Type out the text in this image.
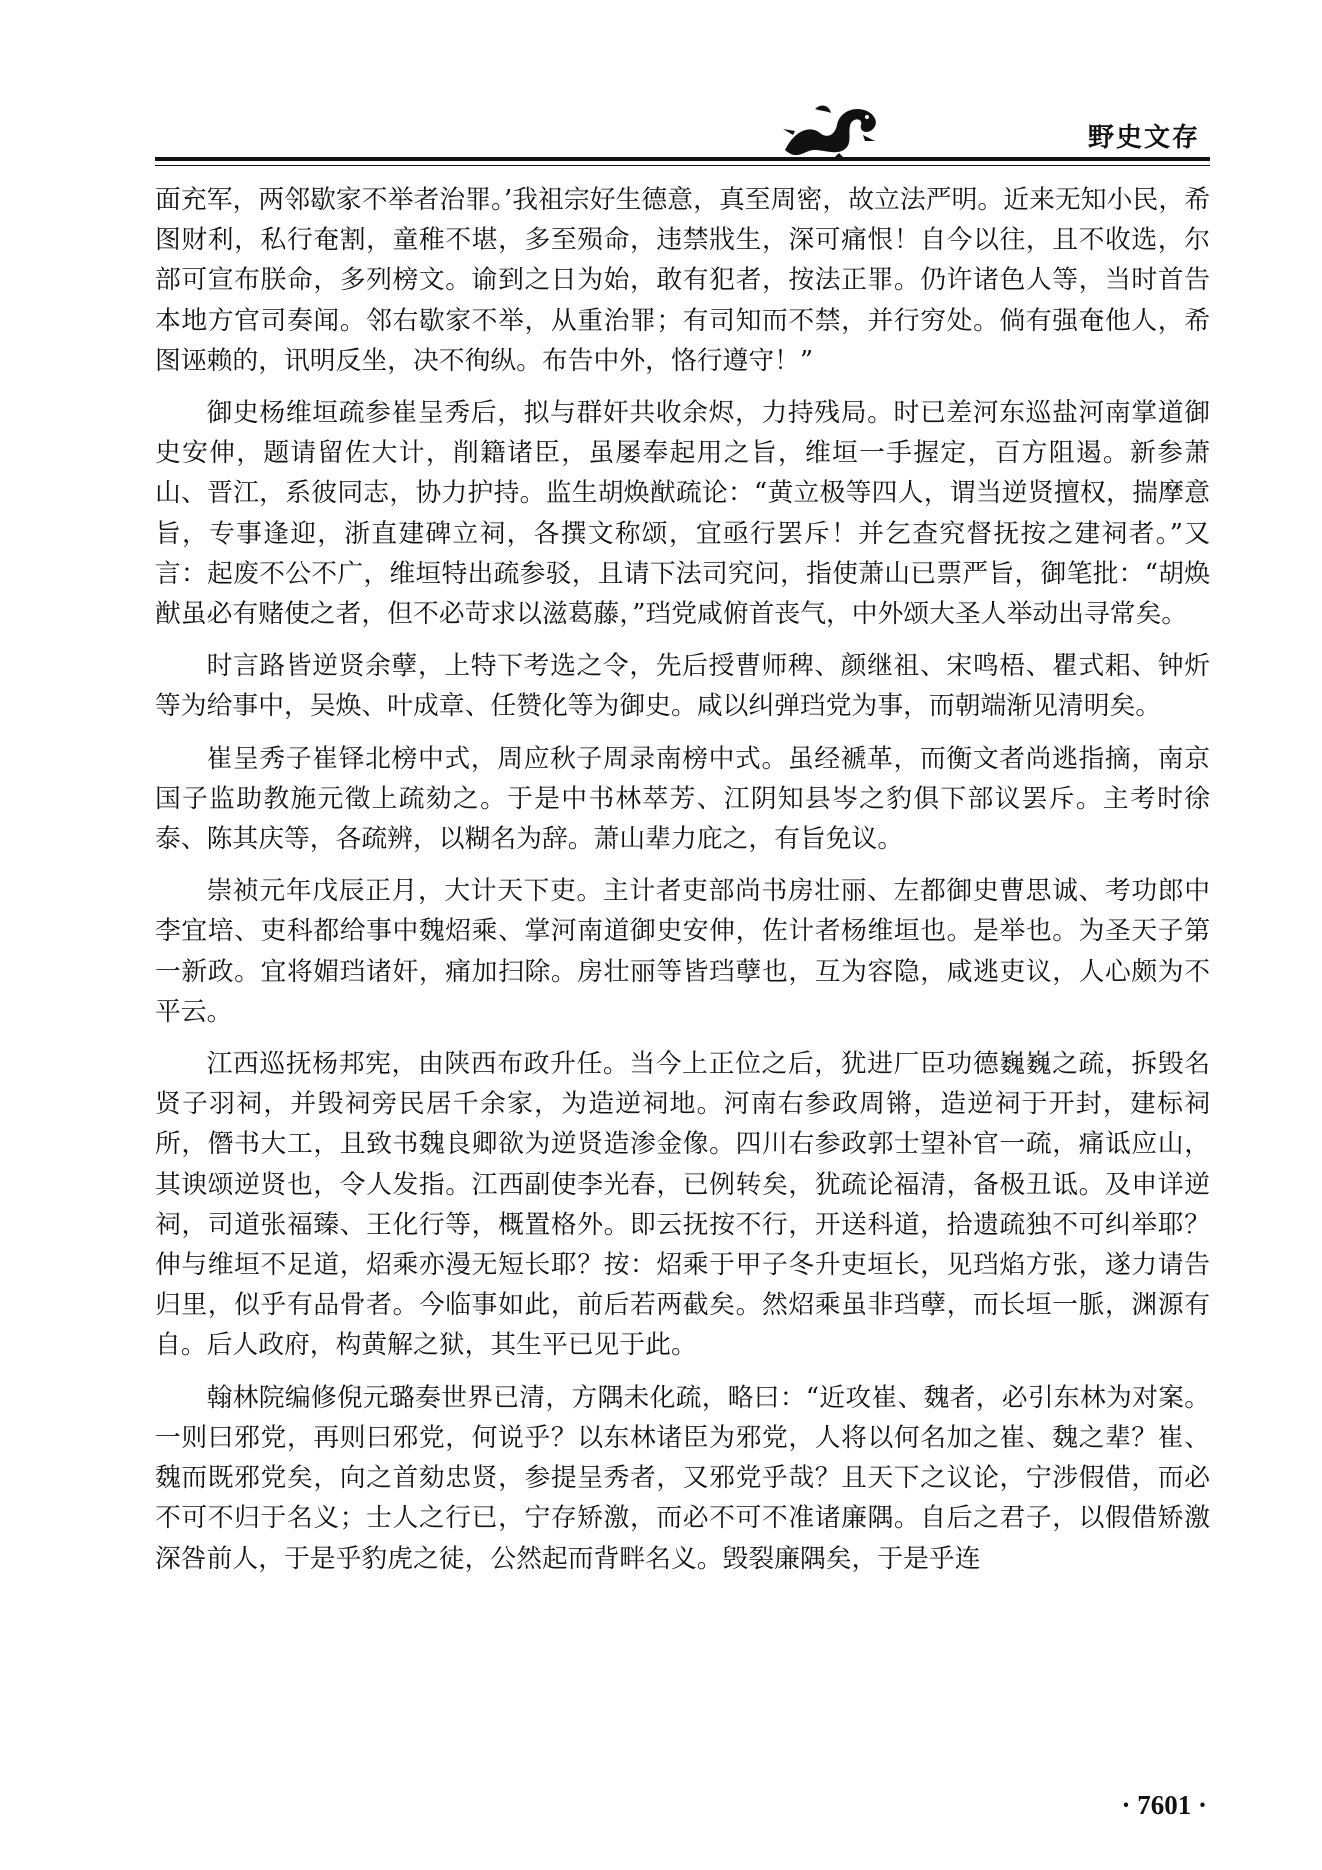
野史文存

面充军，两邻歇家不举者治罪。’我祖宗好生德意，真至周密，故立法严明。近来无知小民，希图财利，私行奄割，童稚不堪，多至殒命，违禁戕生，深可痛恨！自今以往，且不收选，尔部可宣布朕命，多列榜文。谕到之日为始，敢有犯者，按法正罪。仍许诸色人等，当时首告本地方官司奏闻。邻右歇家不举，从重治罪；有司知而不禁，并行穷处。倘有强奄他人，希图诬赖的，讯明反坐，决不徇纵。布告中外，恪行遵守！”

御史杨维垣疏参崔呈秀后，拟与群奸共收余烬，力持残局。时已差河东巡盐河南掌道御史安伸，题请留佐大计，削籍诸臣，虽屡奉起用之旨，维垣一手握定，百方阻遏。新参萧山、晋江，系彼同志，协力护持。监生胡焕猷疏论：“黄立极等四人，谓当逆贤擅权，揣摩意旨，专事逢迎，浙直建碑立祠，各撰文称颂，宜亟行罢斥！并乞查究督抚按之建祠者。”又言：起废不公不广，维垣特出疏参驳，且请下法司究问，指使萧山已票严旨，御笔批：“胡焕猷虽必有赌使之者，但不必苛求以滋葛藤，”珰党咸俯首丧气，中外颂大圣人举动出寻常矣。

时言路皆逆贤余孽，上特下考选之令，先后授曹师稗、颜继祖、宋鸣梧、瞿式耜、钟炘等为给事中，吴焕、叶成章、任赞化等为御史。咸以纠弹珰党为事，而朝端渐见清明矣。

崔呈秀子崔铎北榜中式，周应秋子周录南榜中式。虽经褫革，而衡文者尚逃指摘，南京国子监助教施元徵上疏劾之。于是中书林萃芳、江阴知县岑之豹俱下部议罢斥。主考时徐泰、陈其庆等，各疏辨，以糊名为辞。萧山辈力庇之，有旨免议。

崇祯元年戊辰正月，大计天下吏。主计者吏部尚书房壮丽、左都御史曹思诚、考功郎中李宜培、吏科都给事中魏炤乘、掌河南道御史安伸，佐计者杨维垣也。是举也。为圣天子第一新政。宜将媚珰诸奸，痛加扫除。房壮丽等皆珰孽也，互为容隐，咸逃吏议，人心颇为不平云。

江西巡抚杨邦宪，由陕西布政升任。当今上正位之后，犹进厂臣功德巍巍之疏，拆毁名贤子羽祠，并毁祠旁民居千余家，为造逆祠地。河南右参政周锵，造逆祠于开封，建标祠所，僭书大工，且致书魏良卿欲为逆贤造渗金像。四川右参政郭士望补官一疏，痛诋应山，其谀颂逆贤也，令人发指。江西副使李光春，已例转矣，犹疏论福清，备极丑诋。及申详逆祠，司道张福臻、王化行等，概置格外。即云抚按不行，开送科道，拾遗疏独不可纠举耶？伸与维垣不足道，炤乘亦漫无短长耶？按：炤乘于甲子冬升吏垣长，见珰焰方张，遂力请告归里，似乎有品骨者。今临事如此，前后若两截矣。然炤乘虽非珰孽，而长垣一脈，渊源有自。后人政府，构黄解之狱，其生平已见于此。

翰林院编修倪元璐奏世界已清，方隅未化疏，略曰：“近攻崔、魏者，必引东林为对案。一则曰邪党，再则曰邪党，何说乎？以东林诸臣为邪党，人将以何名加之崔、魏之辈？崔、魏而既邪党矣，向之首劾忠贤，参提呈秀者，又邪党乎哉？且天下之议论，宁涉假借，而必不可不归于名义；士人之行已，宁存矫激，而必不可不准诸廉隅。自后之君子，以假借矫激深咎前人，于是乎豹虎之徒，公然起而背畔名义。毁裂廉隅矣，于是乎连

· 7601 ·
